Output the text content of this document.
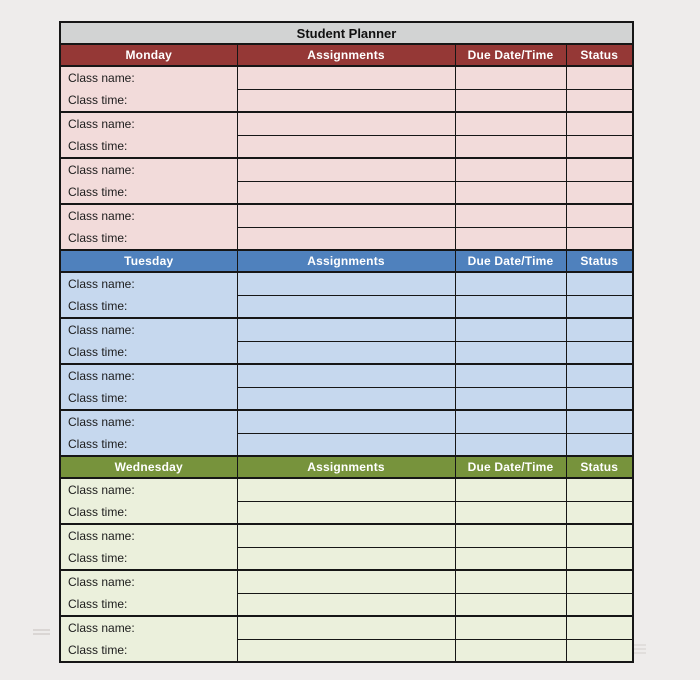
Student Planner			
Monday	Assignments	Due Date/Time	Status

Class name:
Class time:			

Class name:
Class time:			

Class name:
Class time:			

Class name:
Class time:			

Tuesday	Assignments	Due Date/Time	Status

Class name:
Class time:			

Class name:
Class time:			

Class name:
Class time:			

Class name:
Class time:			

Wednesday	Assignments	Due Date/Time	Status

Class name:
Class time:			

Class name:
Class time:			

Class name:
Class time:			

Class name:
Class time:			
